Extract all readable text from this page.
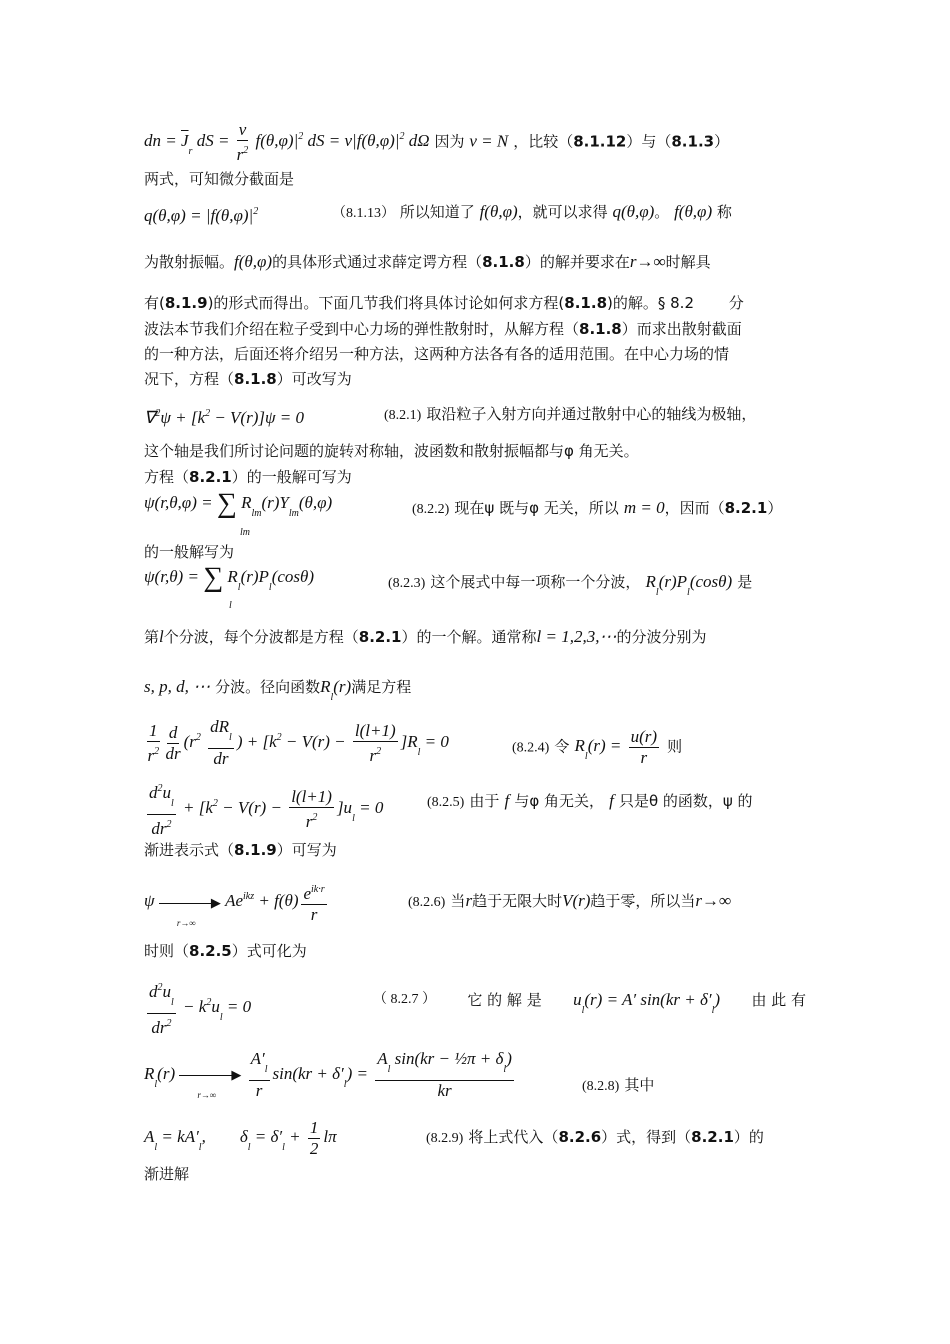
dn = $\overline{J}_r$ dS = $\frac{v}{r^2} f(\theta,\varphi)|^2$ dS = $v|f(\theta,\varphi)|^2$ dΩ 因为 v = N ，比较（8.1.12）与（8.1.3）
两式，可知微分截面是
$q(\theta,\varphi) = |f(\theta,\varphi)|^2$	（8.1.13） 所以知道了 f(θ,φ)，就可以求得 q(θ,φ)。 f(θ,φ) 称
为散射振幅。f(θ,φ)的具体形式通过求薛定谔方程（8.1.8）的解并要求在r→∞时解具
有(8.1.9)的形式而得出。下面几节我们将具体讨论如何求方程(8.1.8)的解。§ 8.2　　 分
波法本节我们介绍在粒子受到中心力场的弹性散射时，从解方程（8.1.8）而求出散射截面
的一种方法，后面还将介绍另一种方法，这两种方法各有各的适用范围。在中心力场的情
况下，方程（8.1.8）可改写为
$\nabla^2\psi + [k^2 - V(r)]\psi = 0$	(8.2.1) 取沿粒子入射方向并通过散射中心的轴线为极轴，
这个轴是我们所讨论问题的旋转对称轴，波函数和散射振幅都与φ 角无关。
方程（8.2.1）的一般解可写为
ψ(r,θ,φ) = ∑ $R_{lm}(r)Y_{lm}(\theta,\varphi)$
lm
(8.2.2) 现在ψ 既与φ 无关，所以 m = 0，因而（8.2.1）
的一般解写为
ψ(r,θ) = ∑ $R_l(r)P_l(\cos\theta)$
l
(8.2.3) 这个展式中每一项称一个分波， $R_l(r)P_l(\cos\theta)$ 是
第l个分波，每个分波都是方程（8.2.1）的一个解。通常称l = 1,2,3,⋯的分波分别为
s, p, d, ⋯ 分波。径向函数$R_l(r)$满足方程
$\frac{1}{r^2} \frac{d}{dr} (r^2 \frac{dR_l}{dr}$ ) + $[k^2 - V(r) - \frac{l(l+1)}{r^2} ]R_l = 0$	(8.2.4) 令 $R_l(r) = \frac{u(r)}{r}$ 则
$\frac{d^2u_l}{dr^2} + [k^2 - V(r) - \frac{l(l+1)}{r^2} ]u_l = 0$	(8.2.5) 由于 f 与φ 角无关， f 只是θ 的函数，ψ 的
渐进表示式（8.1.9）可写为
ψ	▶
r→∞
$Ae^{ikz} + f(\theta) \frac{e^{ik\cdot r}}{r}$	(8.2.6) 当r趋于无限大时V(r)趋于零，所以当r→∞
时则（8.2.5）式可化为
$\frac{d^2u_l}{dr^2} - k^2u_l = 0$	（ 8.2.7 ） 它 的 解 是 $u_l(r) = A'$ $\sin(kr + \delta'_l)$ 由 此 有
$R_l(r)$	▶
r→∞
$\frac{A'_l}{r} \sin(kr + \delta'_l) = \frac{A_l \sin(kr - \frac{1}{2}\pi + \delta_l)}{kr}$	(8.2.8) 其中
$A_l = kA'_l$,        $\delta_l = \delta'_l + \frac{1}{2}$ lπ	(8.2.9) 将上式代入（8.2.6）式，得到（8.2.1）的
渐进解
